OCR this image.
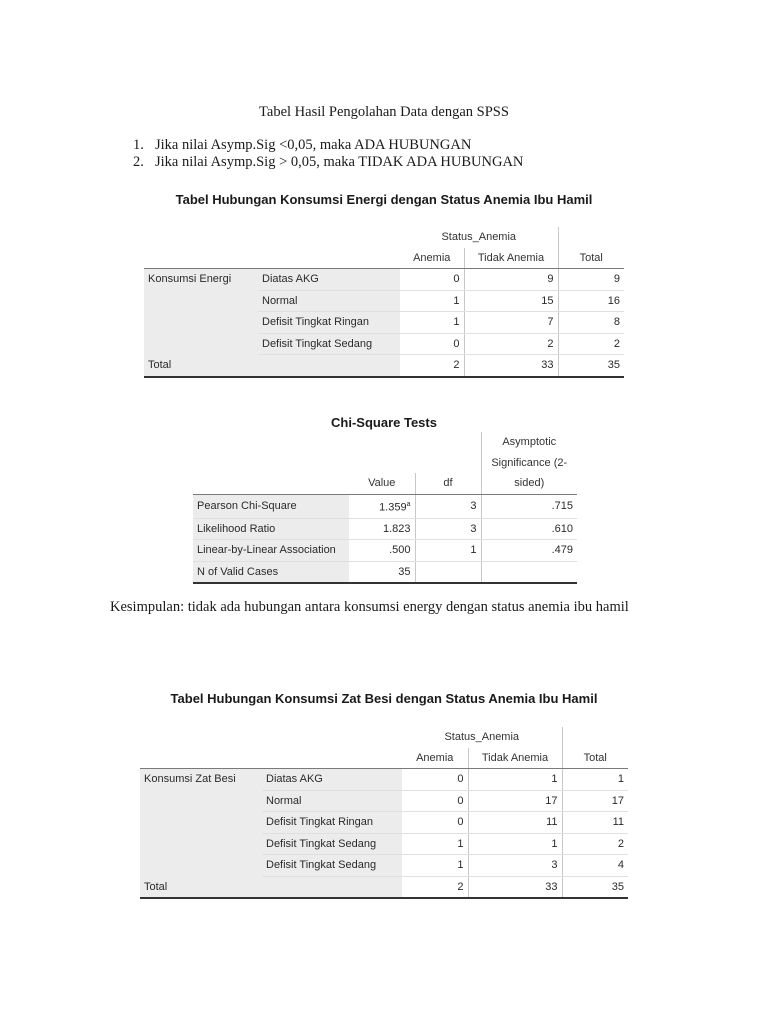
Tabel Hasil Pengolahan Data dengan SPSS
1. Jika nilai Asymp.Sig <0,05, maka ADA HUBUNGAN
2. Jika nilai Asymp.Sig > 0,05, maka TIDAK ADA HUBUNGAN
Tabel Hubungan Konsumsi Energi dengan Status Anemia Ibu Hamil
		Status_Anemia		
		Anemia	Tidak Anemia	Total
Konsumsi Energi	Diatas AKG	0	9	9
	Normal	1	15	16
	Defisit Tingkat Ringan	1	7	8
	Defisit Tingkat Sedang	0	2	2
Total		2	33	35
Chi-Square Tests
			Asymptotic
			Significance (2-
	Value	df	sided)
Pearson Chi-Square	1.359$^a$	3	.715
Likelihood Ratio	1.823	3	.610
Linear-by-Linear Association	.500	1	.479
N of Valid Cases	35		
Kesimpulan: tidak ada hubungan antara konsumsi energy dengan status anemia ibu hamil
Tabel Hubungan Konsumsi Zat Besi dengan Status Anemia Ibu Hamil
		Status_Anemia		
		Anemia	Tidak Anemia	Total
Konsumsi Zat Besi	Diatas AKG	0	1	1
	Normal	0	17	17
	Defisit Tingkat Ringan	0	11	11
	Defisit Tingkat Sedang	1	1	2
	Defisit Tingkat Sedang	1	3	4
Total		2	33	35
